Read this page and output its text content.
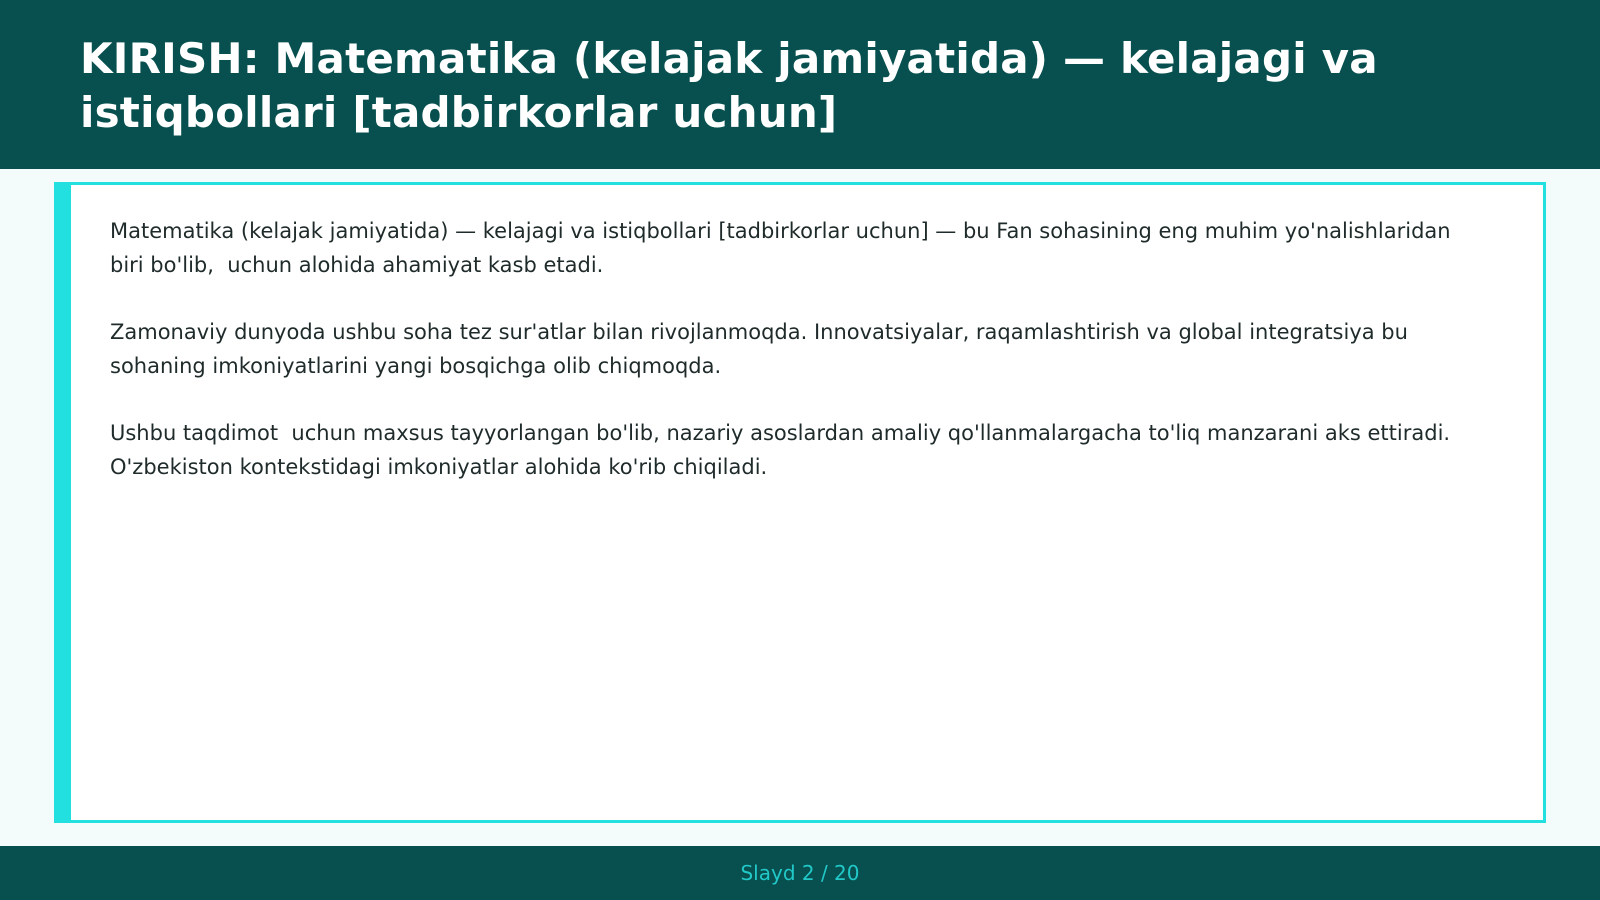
KIRISH: Matematika (kelajak jamiyatida) — kelajagi va istiqbollari [tadbirkorlar uchun]

Matematika (kelajak jamiyatida) — kelajagi va istiqbollari [tadbirkorlar uchun] — bu Fan sohasining eng muhim yo'nalishlaridan biri bo'lib,  uchun alohida ahamiyat kasb etadi.

Zamonaviy dunyoda ushbu soha tez sur'atlar bilan rivojlanmoqda. Innovatsiyalar, raqamlashtirish va global integratsiya bu sohaning imkoniyatlarini yangi bosqichga olib chiqmoqda.

Ushbu taqdimot  uchun maxsus tayyorlangan bo'lib, nazariy asoslardan amaliy qo'llanmalargacha to'liq manzarani aks ettiradi. O'zbekiston kontekstidagi imkoniyatlar alohida ko'rib chiqiladi.

Slayd 2 / 20
